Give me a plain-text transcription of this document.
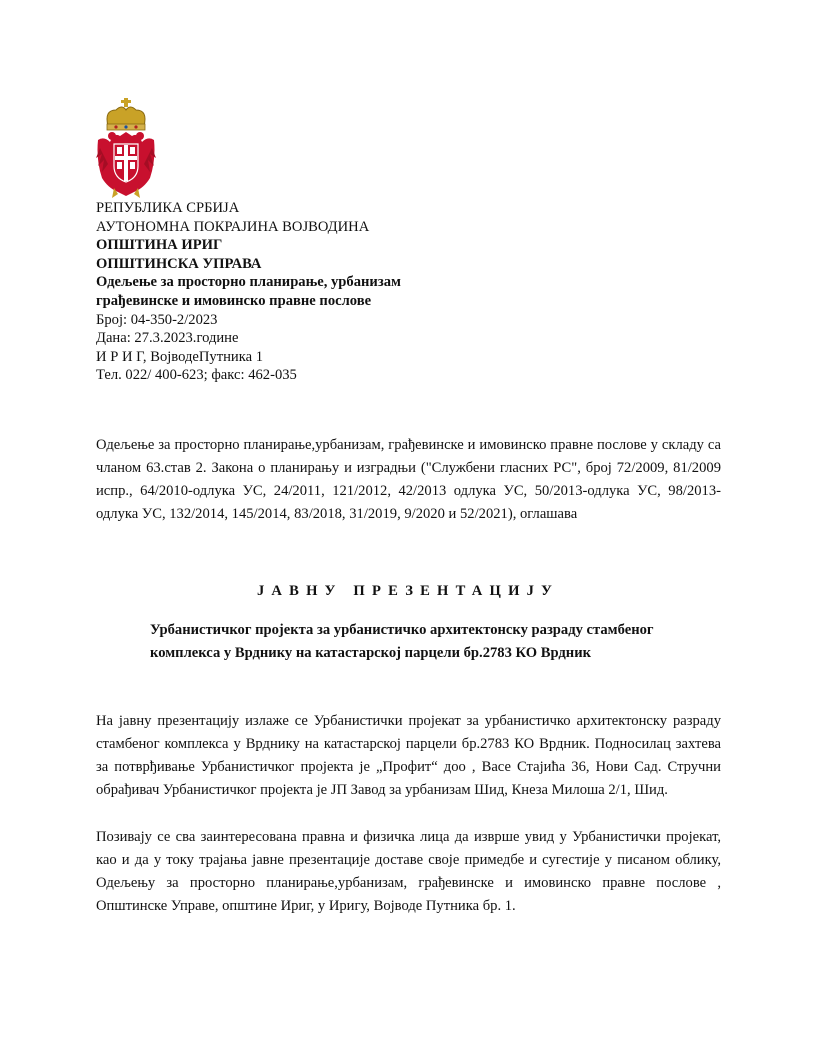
РЕПУБЛИКА СРБИЈА
АУТОНОМНА ПОКРАЈИНА ВОЈВОДИНА
ОПШТИНА ИРИГ
ОПШТИНСКА УПРАВА
Одељење за просторно планирање, урбанизам
грађевинске и имовинско правне послове
Број: 04-350-2/2023
Дана: 27.3.2023.године
И Р И Г, ВојводеПутника 1
Тел. 022/ 400-623; факс: 462-035
Одељење за просторно планирање,урбанизам, грађевинске и имовинско правне послове у складу са чланом 63.став 2. Закона о планирању и изградњи ("Службени гласних РС", број 72/2009, 81/2009 испр., 64/2010-одлука УС, 24/2011, 121/2012, 42/2013 одлука УС, 50/2013-одлука УС, 98/2013-одлука УС, 132/2014, 145/2014, 83/2018, 31/2019, 9/2020 и 52/2021), оглашава
ЈАВНУ ПРЕЗЕНТАЦИЈУ
Урбанистичког пројекта за урбанистичко архитектонску разраду стамбеног
комплекса у Врднику на катастарској парцели бр.2783 КО Врдник
На јавну презентацију излаже се Урбанистички пројекат за урбанистичко архитектонску разраду стамбеног комплекса у Врднику на катастарској парцели бр.2783 КО Врдник. Подносилац захтева за потврђивање Урбанистичког пројекта је „Профит“ доо , Васе Стајића 36, Нови Сад. Стручни обрађивач Урбанистичког пројекта је ЈП Завод за урбанизам Шид, Кнеза Милоша 2/1, Шид.
Позивају се сва заинтересована правна и физичка лица да изврше увид у Урбанистички пројекат, као и да у току трајања јавне презентације доставе своје примедбе и сугестије у писаном облику, Одељењу за просторно планирање,урбанизам, грађевинске и имовинско правне послове , Општинске Управе, општине Ириг, у Иригу, Војводе Путника бр. 1.
